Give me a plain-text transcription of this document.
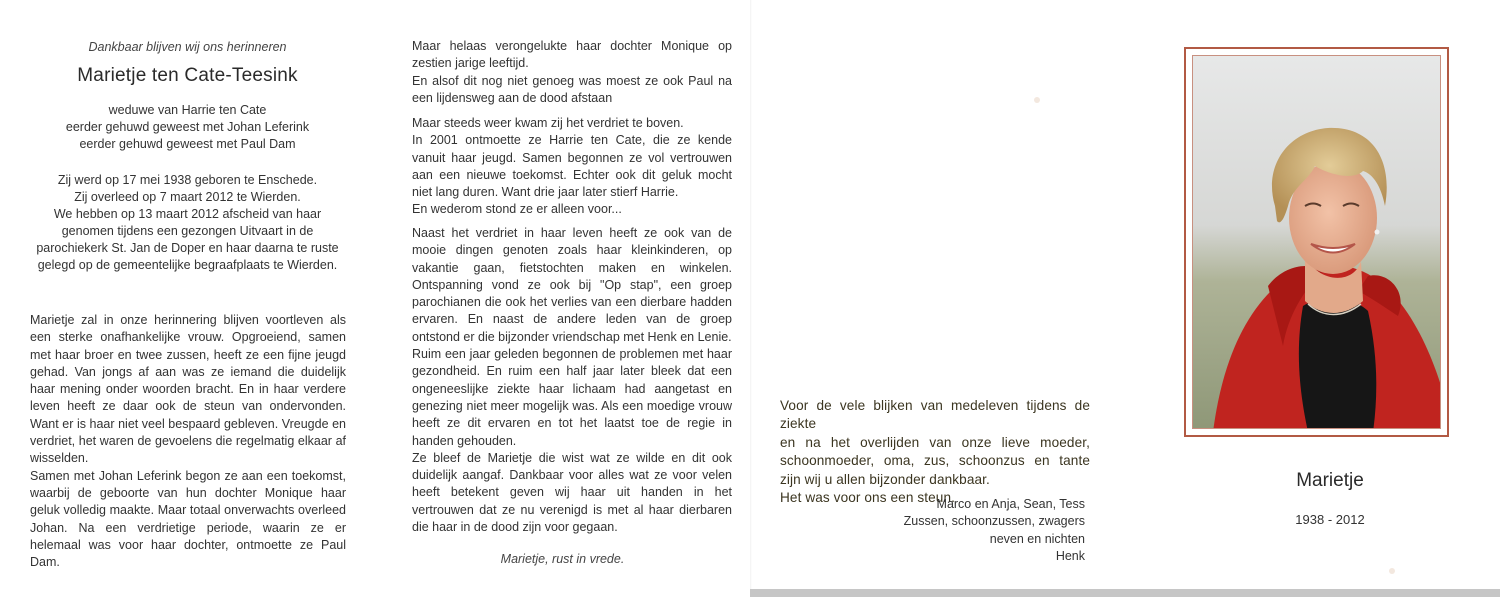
Dankbaar blijven wij ons herinneren
Marietje ten Cate-Teesink
weduwe van Harrie ten Cate
eerder gehuwd geweest met Johan Leferink
eerder gehuwd geweest met Paul Dam
Zij werd op 17 mei 1938 geboren te Enschede.
Zij overleed op 7 maart 2012 te Wierden.
We hebben op 13 maart 2012 afscheid van haar
genomen tijdens een gezongen Uitvaart in de
parochiekerk St. Jan de Doper en haar daarna te ruste
gelegd op de gemeentelijke begraafplaats te Wierden.

Marietje zal in onze herinnering blijven voortleven als een sterke onafhankelijke vrouw. Opgroeiend, samen met haar broer en twee zussen, heeft ze een fijne jeugd gehad. Van jongs af aan was ze iemand die duidelijk haar mening onder woorden bracht. En in haar verdere leven heeft ze daar ook de steun van ondervonden. Want er is haar niet veel bespaard gebleven. Vreugde en verdriet, het waren de gevoelens die regelmatig elkaar af wisselden.

Samen met Johan Leferink begon ze aan een toekomst, waarbij de geboorte van hun dochter Monique haar geluk volledig maakte. Maar totaal onverwachts overleed Johan. Na een verdrietige periode, waarin ze er helemaal was voor haar dochter, ontmoette ze Paul Dam.

Maar helaas verongelukte haar dochter Monique op zestien jarige leeftijd.

En alsof dit nog niet genoeg was moest ze ook Paul na een lijdensweg aan de dood afstaan

Maar steeds weer kwam zij het verdriet te boven.

In 2001 ontmoette ze Harrie ten Cate, die ze kende vanuit haar jeugd. Samen begonnen ze vol vertrouwen aan een nieuwe toekomst. Echter ook dit geluk mocht niet lang duren. Want drie jaar later stierf Harrie.

En wederom stond ze er alleen voor...

Naast het verdriet in haar leven heeft ze ook van de mooie dingen genoten zoals haar kleinkinderen, op vakantie gaan, fietstochten maken en winkelen. Ontspanning vond ze ook bij "Op stap", een groep parochianen die ook het verlies van een dierbare hadden ervaren. En naast de andere leden van de groep ontstond er die bijzonder vriendschap met Henk en Lenie.

Ruim een jaar geleden begonnen de problemen met haar gezondheid. En ruim een half jaar later bleek dat een ongeneeslijke ziekte haar lichaam had aangetast en genezing niet meer mogelijk was. Als een moedige vrouw heeft ze dit ervaren en tot het laatst toe de regie in handen gehouden.

Ze bleef de Marietje die wist wat ze wilde en dit ook duidelijk aangaf. Dankbaar voor alles wat ze voor velen heeft betekent geven wij haar uit handen in het vertrouwen dat ze nu verenigd is met al haar dierbaren die haar in de dood zijn voor gegaan.

Marietje, rust in vrede.
Voor de vele blijken van medeleven tijdens de ziekte
en na het overlijden van onze lieve moeder,
schoonmoeder, oma, zus, schoonzus en tante
zijn wij u allen bijzonder dankbaar.
Het was voor ons een steun.
Marco en Anja, Sean, Tess
Zussen, schoonzussen, zwagers
neven en nichten
Henk
Marietje
1938 - 2012
